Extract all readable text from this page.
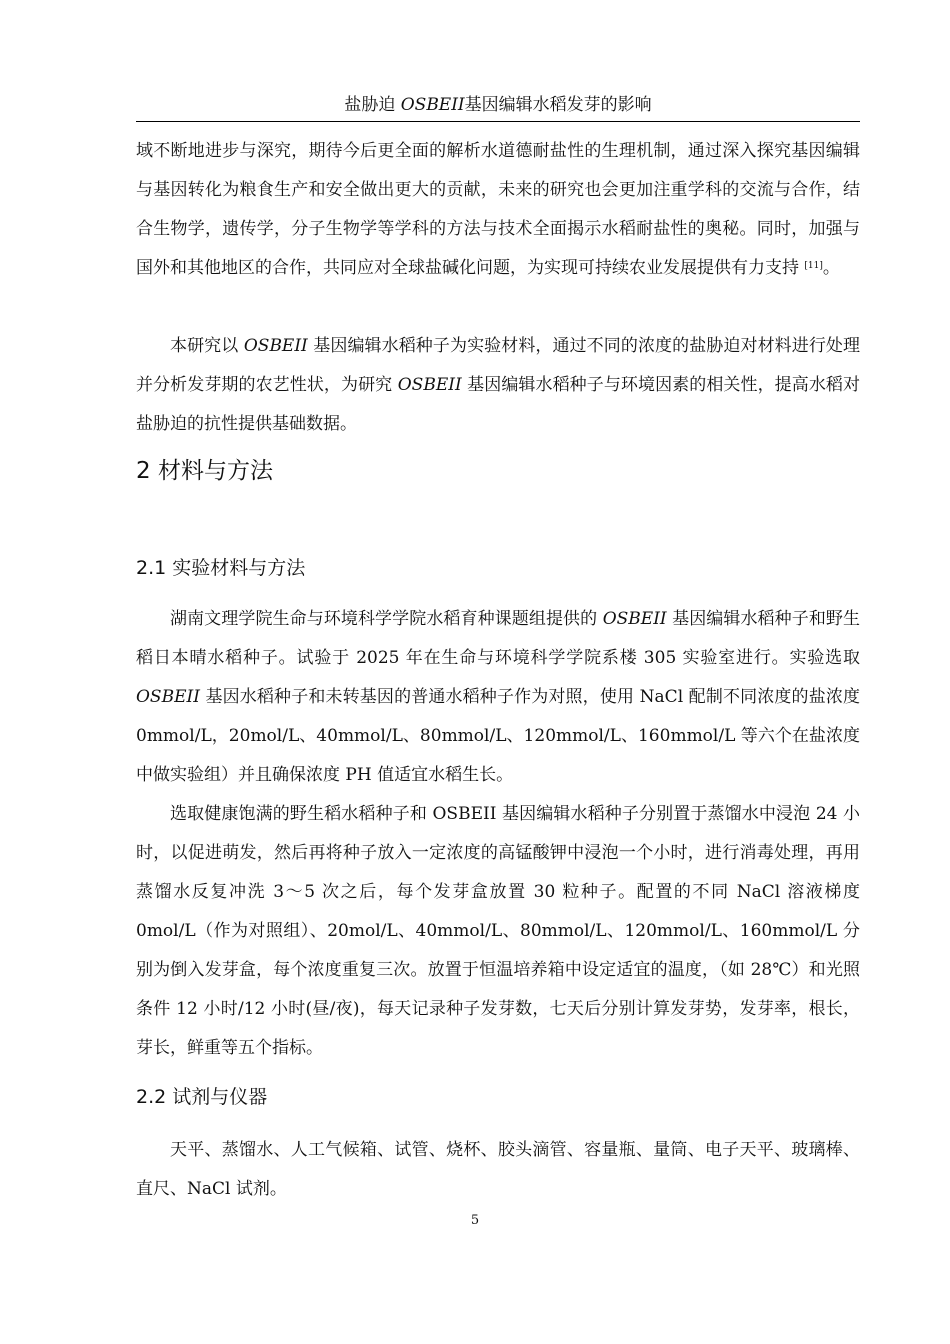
盐胁迫 OSBEII基因编辑水稻发芽的影响

域不断地进步与深究，期待今后更全面的解析水道德耐盐性的生理机制，通过深入探究基因编辑与基因转化为粮食生产和安全做出更大的贡献，未来的研究也会更加注重学科的交流与合作，结合生物学，遗传学，分子生物学等学科的方法与技术全面揭示水稻耐盐性的奥秘。同时，加强与国外和其他地区的合作，共同应对全球盐碱化问题，为实现可持续农业发展提供有力支持 [11]。

本研究以 OSBEII 基因编辑水稻种子为实验材料，通过不同的浓度的盐胁迫对材料进行处理并分析发芽期的农艺性状，为研究 OSBEII 基因编辑水稻种子与环境因素的相关性，提高水稻对盐胁迫的抗性提供基础数据。

2 材料与方法
2.1 实验材料与方法

湖南文理学院生命与环境科学学院水稻育种课题组提供的 OSBEII 基因编辑水稻种子和野生稻日本晴水稻种子。试验于 2025 年在生命与环境科学学院系楼 305 实验室进行。实验选取 OSBEII 基因水稻种子和未转基因的普通水稻种子作为对照，使用 NaCl 配制不同浓度的盐浓度 0mmol/L，20mol/L、40mmol/L、80mmol/L、120mmol/L、160mmol/L 等六个在盐浓度中做实验组）并且确保浓度 PH 值适宜水稻生长。

选取健康饱满的野生稻水稻种子和 OSBEII 基因编辑水稻种子分别置于蒸馏水中浸泡 24 小时，以促进萌发，然后再将种子放入一定浓度的高锰酸钾中浸泡一个小时，进行消毒处理，再用蒸馏水反复冲洗 3～5 次之后，每个发芽盒放置 30 粒种子。配置的不同 NaCl 溶液梯度 0mol/L（作为对照组）、20mol/L、40mmol/L、80mmol/L、120mmol/L、160mmol/L 分别为倒入发芽盒，每个浓度重复三次。放置于恒温培养箱中设定适宜的温度，（如 28℃）和光照条件 12 小时/12 小时(昼/夜)，每天记录种子发芽数，七天后分别计算发芽势，发芽率，根长，芽长，鲜重等五个指标。

2.2 试剂与仪器

天平、蒸馏水、人工气候箱、试管、烧杯、胶头滴管、容量瓶、量筒、电子天平、玻璃棒、直尺、NaCl 试剂。

5
